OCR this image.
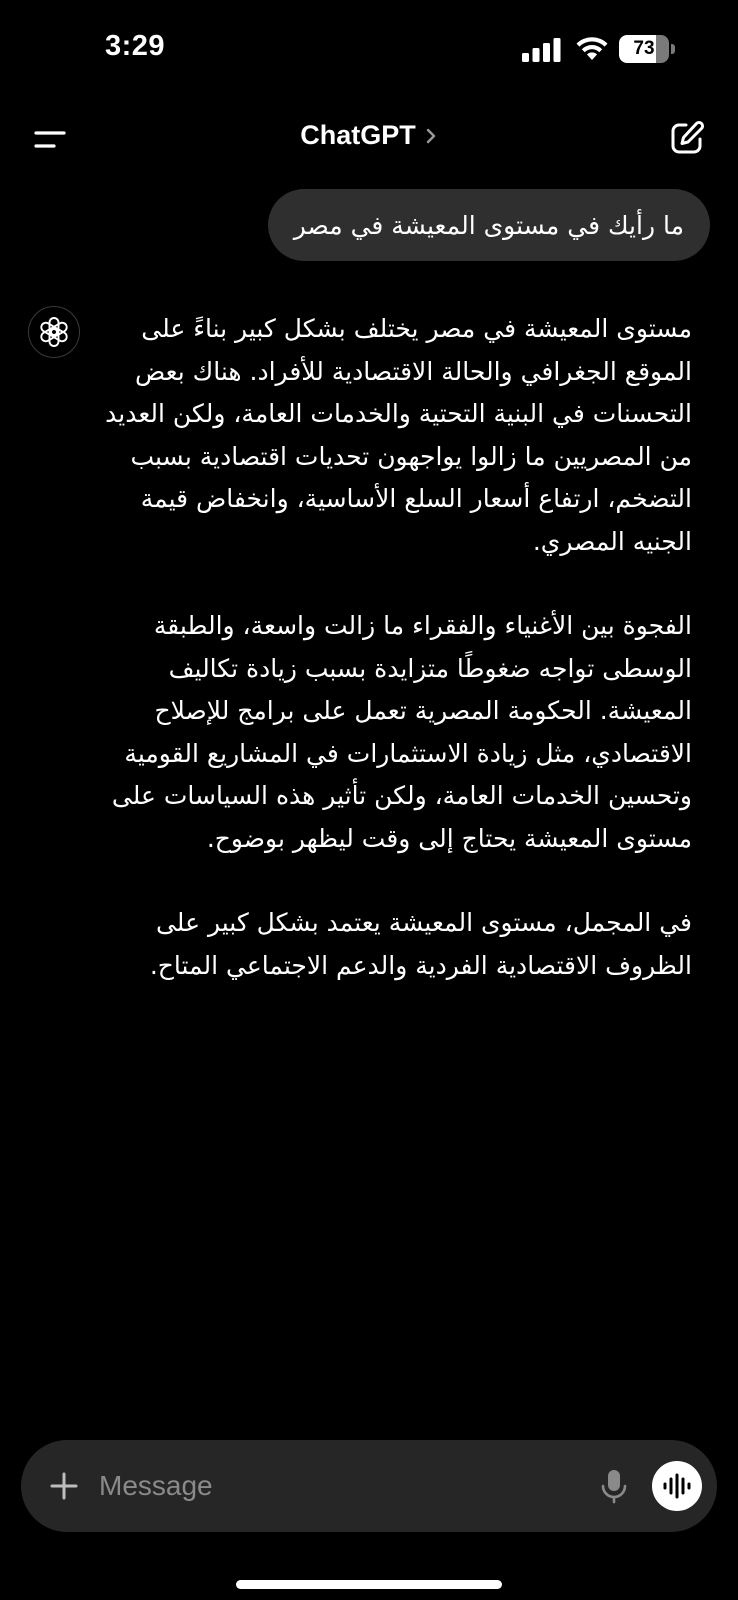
3:29	73
ChatGPT
ما رأيك في مستوى المعيشة في مصر

مستوى المعيشة في مصر يختلف بشكل كبير بناءً على الموقع الجغرافي والحالة الاقتصادية للأفراد. هناك بعض التحسنات في البنية التحتية والخدمات العامة، ولكن العديد من المصريين ما زالوا يواجهون تحديات اقتصادية بسبب التضخم، ارتفاع أسعار السلع الأساسية، وانخفاض قيمة الجنيه المصري.

الفجوة بين الأغنياء والفقراء ما زالت واسعة، والطبقة الوسطى تواجه ضغوطًا متزايدة بسبب زيادة تكاليف المعيشة. الحكومة المصرية تعمل على برامج للإصلاح الاقتصادي، مثل زيادة الاستثمارات في المشاريع القومية وتحسين الخدمات العامة، ولكن تأثير هذه السياسات على مستوى المعيشة يحتاج إلى وقت ليظهر بوضوح.

في المجمل، مستوى المعيشة يعتمد بشكل كبير على الظروف الاقتصادية الفردية والدعم الاجتماعي المتاح.

Message
